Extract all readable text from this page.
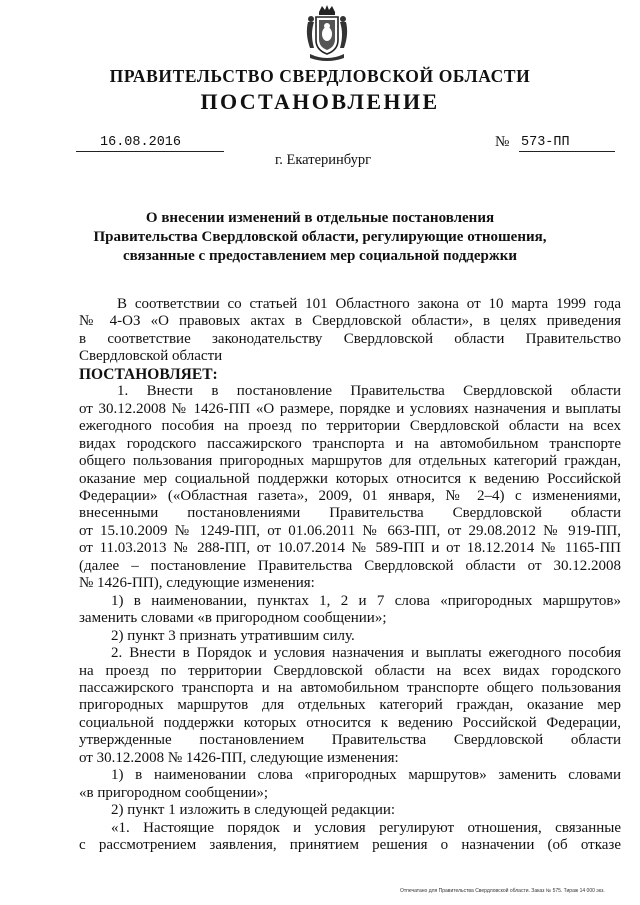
ПРАВИТЕЛЬСТВО СВЕРДЛОВСКОЙ ОБЛАСТИ
ПОСТАНОВЛЕНИЕ
16.08.2016	№ 573-ПП
г. Екатеринбург
О внесении изменений в отдельные постановления
Правительства Свердловской области, регулирующие отношения,
связанные с предоставлением мер социальной поддержки

В соответствии со статьей 101 Областного закона от 10 марта 1999 года

№ 4-ОЗ «О правовых актах в Свердловской области», в целях приведения

в соответствие законодательству Свердловской области Правительство

Свердловской области

ПОСТАНОВЛЯЕТ:

1. Внести в постановление Правительства Свердловской области

от 30.12.2008 № 1426-ПП «О размере, порядке и условиях назначения и выплаты

ежегодного пособия на проезд по территории Свердловской области на всех

видах городского пассажирского транспорта и на автомобильном транспорте

общего пользования пригородных маршрутов для отдельных категорий граждан,

оказание мер социальной поддержки которых относится к ведению Российской

Федерации» («Областная газета», 2009, 01 января, № 2–4) с изменениями,

внесенными постановлениями Правительства Свердловской области

от 15.10.2009 № 1249-ПП, от 01.06.2011 № 663-ПП, от 29.08.2012 № 919-ПП,

от 11.03.2013 № 288-ПП, от 10.07.2014 № 589-ПП и от 18.12.2014 № 1165-ПП

(далее – постановление Правительства Свердловской области от 30.12.2008

№ 1426-ПП), следующие изменения:

1) в наименовании, пунктах 1, 2 и 7 слова «пригородных маршрутов»

заменить словами «в пригородном сообщении»;

2) пункт 3 признать утратившим силу.

2. Внести в Порядок и условия назначения и выплаты ежегодного пособия

на проезд по территории Свердловской области на всех видах городского

пассажирского транспорта и на автомобильном транспорте общего пользования

пригородных маршрутов для отдельных категорий граждан, оказание мер

социальной поддержки которых относится к ведению Российской Федерации,

утвержденные постановлением Правительства Свердловской области

от 30.12.2008 № 1426-ПП, следующие изменения:

1) в наименовании слова «пригородных маршрутов» заменить словами

«в пригородном сообщении»;

2) пункт 1 изложить в следующей редакции:

«1. Настоящие порядок и условия регулируют отношения, связанные

с рассмотрением заявления, принятием решения о назначении (об отказе

Отпечатано для Правительства Свердловской области. Заказ № 575. Тираж 14 000 экз.
